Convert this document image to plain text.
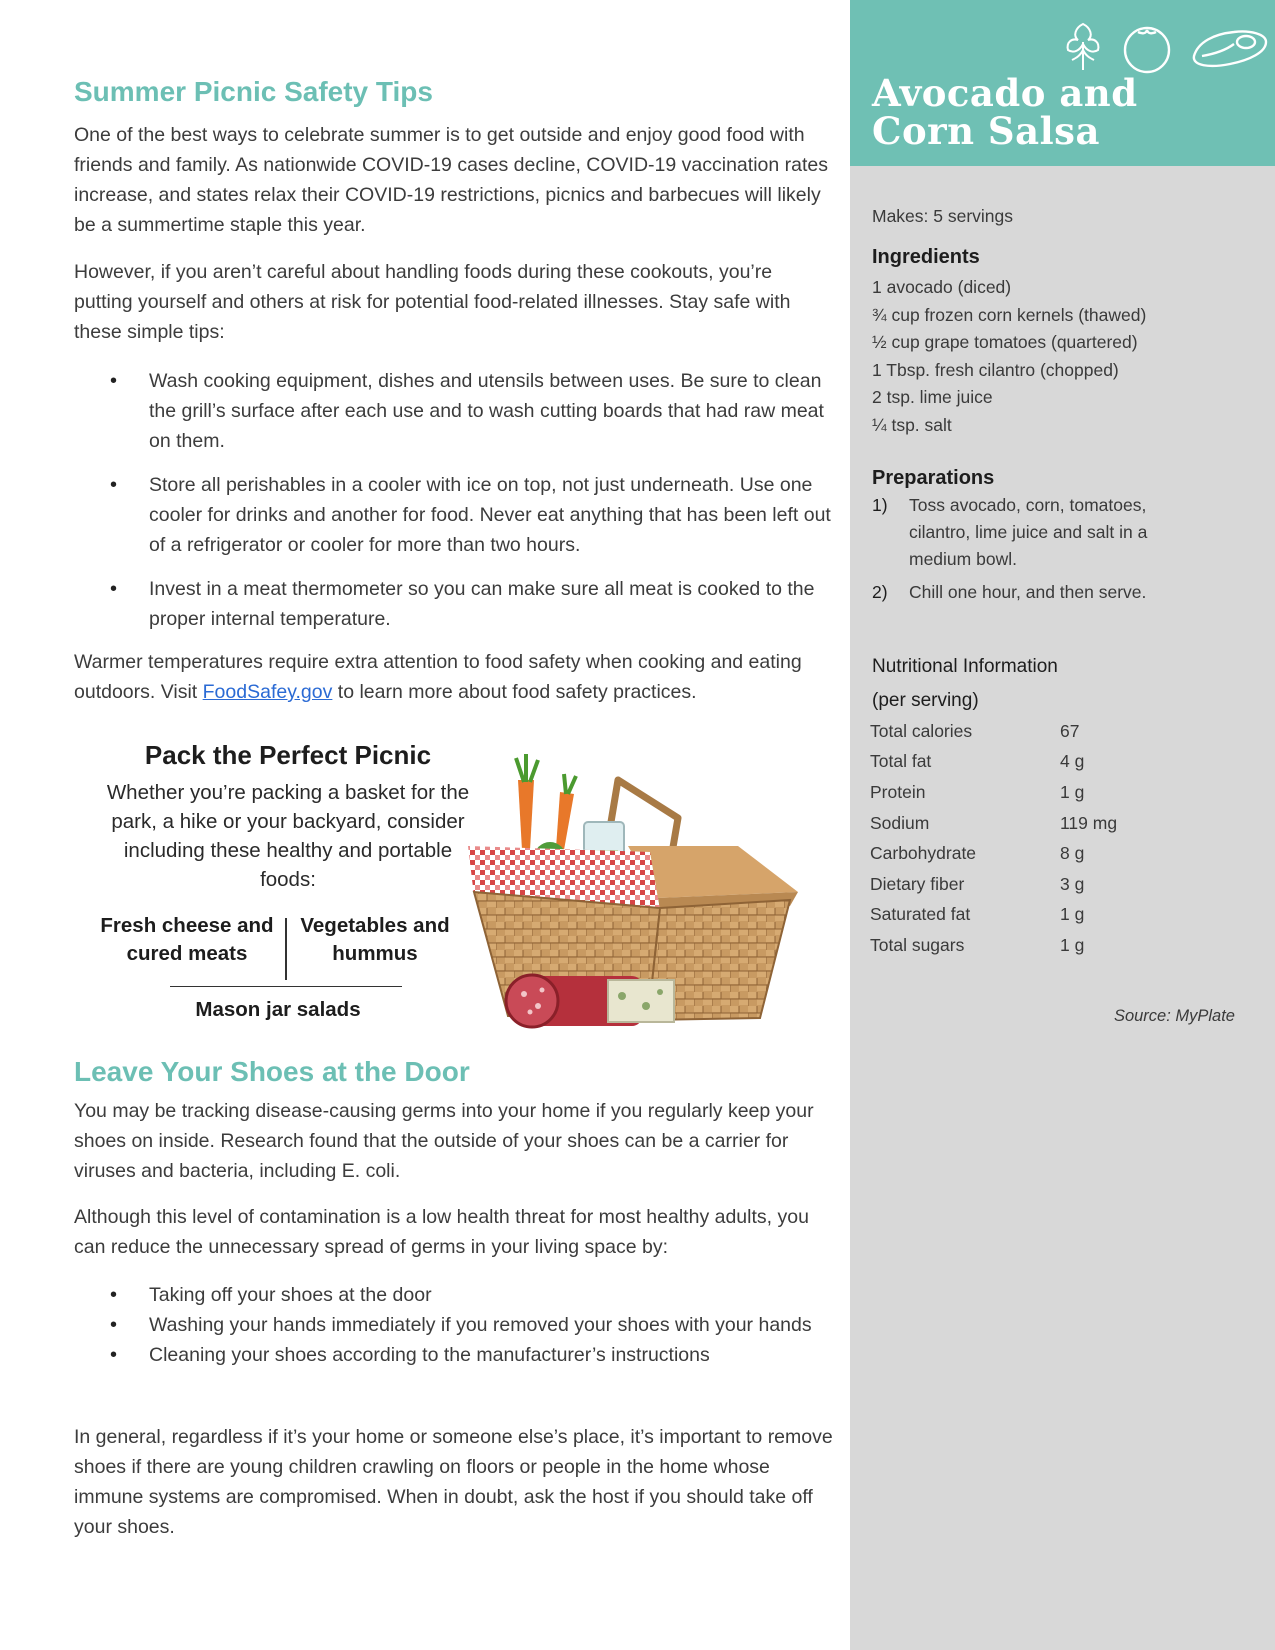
Summer Picnic Safety Tips

One of the best ways to celebrate summer is to get outside and enjoy good food with friends and family. As nationwide COVID-19 cases decline, COVID-19 vaccination rates increase, and states relax their COVID-19 restrictions, picnics and barbecues will likely be a summertime staple this year.

However, if you aren’t careful about handling foods during these cookouts, you’re putting yourself and others at risk for potential food-related illnesses. Stay safe with these simple tips:

• Wash cooking equipment, dishes and utensils between uses. Be sure to clean the grill’s surface after each use and to wash cutting boards that had raw meat on them.
• Store all perishables in a cooler with ice on top, not just underneath. Use one cooler for drinks and another for food. Never eat anything that has been left out of a refrigerator or cooler for more than two hours.
• Invest in a meat thermometer so you can make sure all meat is cooked to the proper internal temperature.

Warmer temperatures require extra attention to food safety when cooking and eating outdoors. Visit FoodSafey.gov to learn more about food safety practices.

Leave Your Shoes at the Door

You may be tracking disease-causing germs into your home if you regularly keep your shoes on inside. Research found that the outside of your shoes can be a carrier for viruses and bacteria, including E. coli.

Although this level of contamination is a low health threat for most healthy adults, you can reduce the unnecessary spread of germs in your living space by:

• Taking off your shoes at the door
• Washing your hands immediately if you removed your shoes with your hands
• Cleaning your shoes according to the manufacturer’s instructions

In general, regardless if it’s your home or someone else’s place, it’s important to remove shoes if there are young children crawling on floors or people in the home whose immune systems are compromised. When in doubt, ask the host if you should take off your shoes.

Pack the Perfect Picnic

Whether you’re packing a basket for the park, a hike or your backyard, consider including these healthy and portable foods:

Fresh cheese and cured meats
Vegetables and hummus
Mason jar salads
Avocado and Corn Salsa

Makes: 5 servings

Ingredients
1 avocado (diced)
¾ cup frozen corn kernels (thawed)
½ cup grape tomatoes (quartered)
1 Tbsp. fresh cilantro (chopped)
2 tsp. lime juice
¼ tsp. salt
Preparations
1) Toss avocado, corn, tomatoes, cilantro, lime juice and salt in a medium bowl.
2) Chill one hour, and then serve.

Nutritional Information
(per serving)

Total calories	67
Total fat	4 g
Protein	1 g
Sodium	119 mg
Carbohydrate	8 g
Dietary fiber	3 g
Saturated fat	1 g
Total sugars	1 g

Source: MyPlate
